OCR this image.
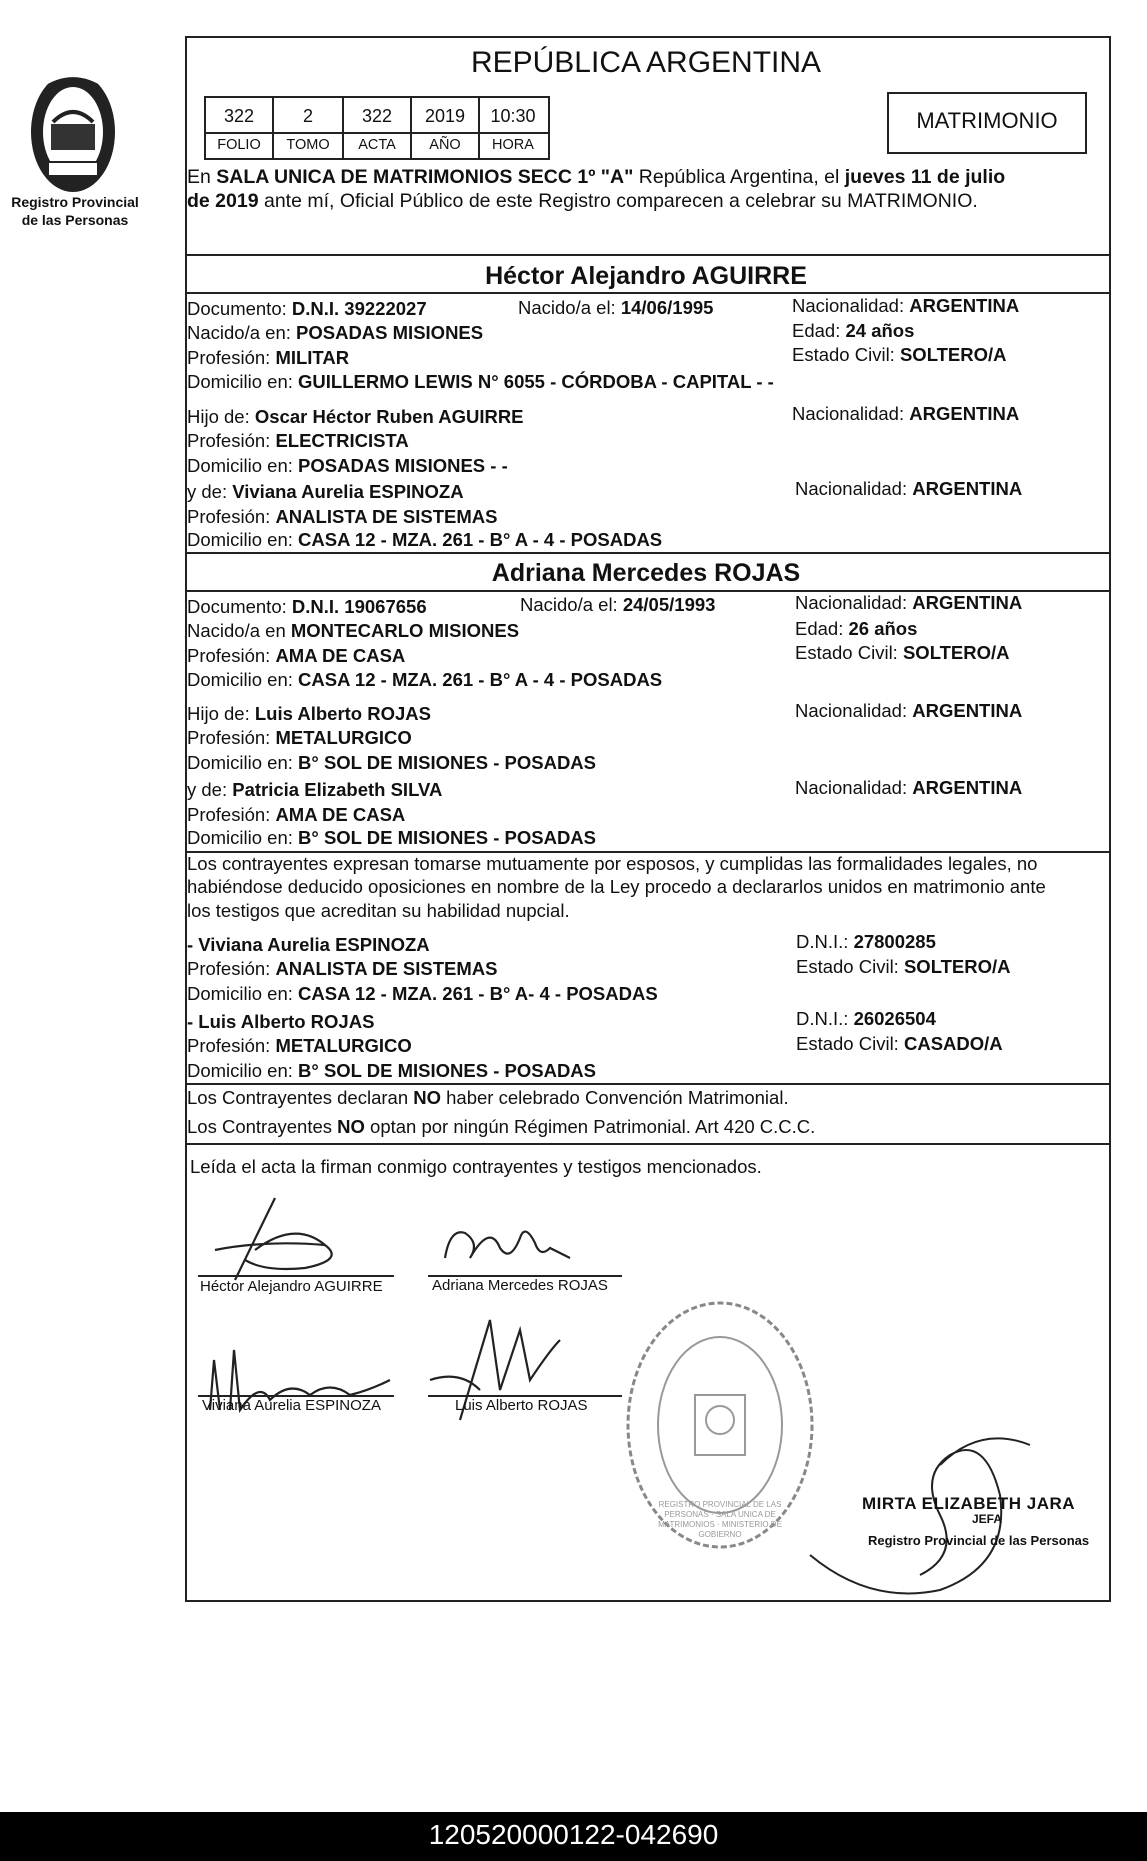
Registro Provincial
de las Personas
REPÚBLICA ARGENTINA
322	2	322	2019	10:30
FOLIO	TOMO	ACTA	AÑO	HORA
MATRIMONIO
En SALA UNICA DE MATRIMONIOS SECC 1º "A" República Argentina, el jueves 11 de julio
de 2019 ante mí, Oficial Público de este Registro comparecen a celebrar su MATRIMONIO.
Héctor Alejandro AGUIRRE
Documento: D.N.I. 39222027	Nacido/a el: 14/06/1995	Nacionalidad: ARGENTINA
Nacido/a en: POSADAS MISIONES	Edad: 24 años
Profesión: MILITAR	Estado Civil: SOLTERO/A
Domicilio en: GUILLERMO LEWIS N° 6055 - CÓRDOBA - CAPITAL - -
Hijo de: Oscar Héctor Ruben AGUIRRE	Nacionalidad: ARGENTINA
Profesión: ELECTRICISTA
Domicilio en: POSADAS MISIONES - -
y de: Viviana Aurelia ESPINOZA	Nacionalidad: ARGENTINA
Profesión: ANALISTA DE SISTEMAS
Domicilio en: CASA 12 - MZA. 261 - B° A - 4 - POSADAS
Adriana Mercedes ROJAS
Documento: D.N.I. 19067656	Nacido/a el: 24/05/1993	Nacionalidad: ARGENTINA
Nacido/a en MONTECARLO MISIONES	Edad: 26 años
Profesión: AMA DE CASA	Estado Civil: SOLTERO/A
Domicilio en: CASA 12 - MZA. 261 - B° A - 4 - POSADAS
Hijo de: Luis Alberto ROJAS	Nacionalidad: ARGENTINA
Profesión: METALURGICO
Domicilio en: B° SOL DE MISIONES - POSADAS
y de: Patricia Elizabeth SILVA	Nacionalidad: ARGENTINA
Profesión: AMA DE CASA
Domicilio en: B° SOL DE MISIONES - POSADAS
Los contrayentes expresan tomarse mutuamente por esposos, y cumplidas las formalidades legales, no
habiéndose deducido oposiciones en nombre de la Ley procedo a declararlos unidos en matrimonio ante
los testigos que acreditan su habilidad nupcial.
- Viviana Aurelia ESPINOZA	D.N.I.: 27800285
Profesión: ANALISTA DE SISTEMAS	Estado Civil: SOLTERO/A
Domicilio en: CASA 12 - MZA. 261 - B° A- 4 - POSADAS
- Luis Alberto ROJAS	D.N.I.: 26026504
Profesión: METALURGICO	Estado Civil: CASADO/A
Domicilio en: B° SOL DE MISIONES - POSADAS
Los Contrayentes declaran NO haber celebrado Convención Matrimonial.
Los Contrayentes NO optan por ningún Régimen Patrimonial. Art 420 C.C.C.
Leída el acta la firman conmigo contrayentes y testigos mencionados.
Héctor Alejandro AGUIRRE	Adriana Mercedes ROJAS
Viviana Aurelia ESPINOZA	Luis Alberto ROJAS
REGISTRO PROVINCIAL DE LAS PERSONAS · SALA UNICA DE MATRIMONIOS · MINISTERIO DE GOBIERNO
MIRTA ELIZABETH JARA
JEFA
Registro Provincial de las Personas
120520000122-042690
